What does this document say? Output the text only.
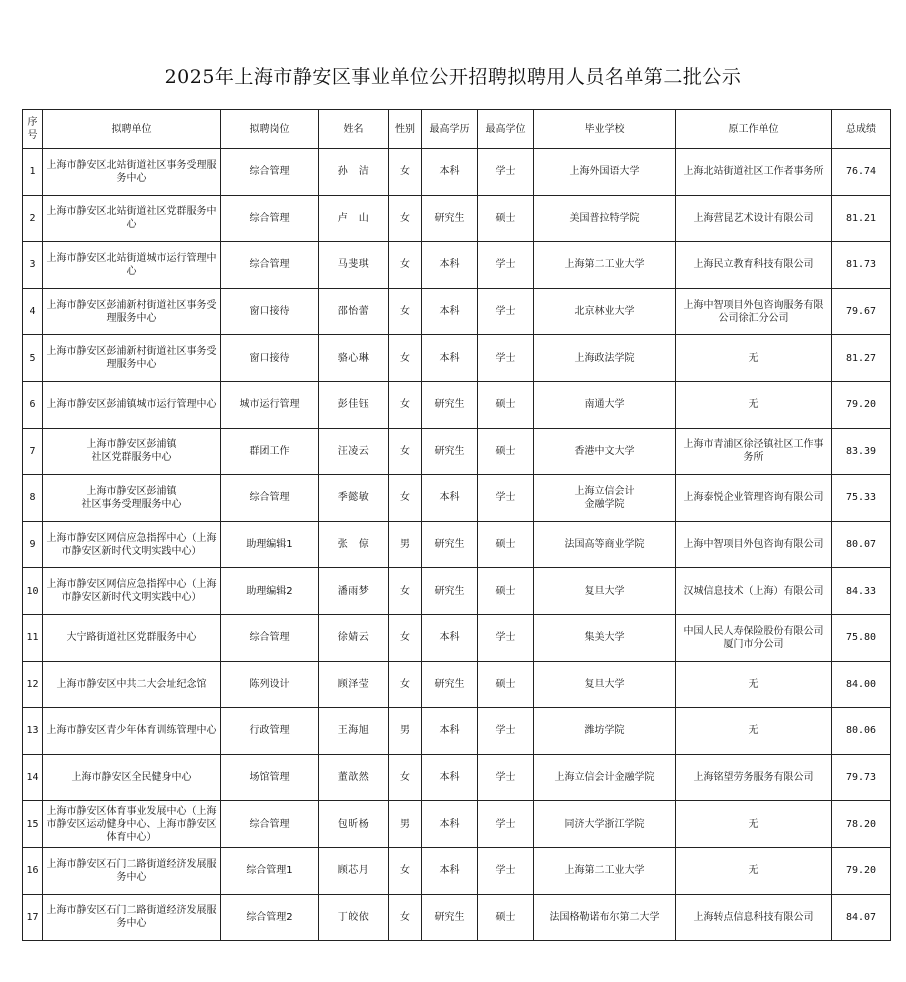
2025年上海市静安区事业单位公开招聘拟聘用人员名单第二批公示
序号	拟聘单位	拟聘岗位	姓名	性别	最高学历	最高学位	毕业学校	原工作单位	总成绩
1	上海市静安区北站街道社区事务受理服务中心	综合管理	孙　洁	女	本科	学士	上海外国语大学	上海北站街道社区工作者事务所	76.74
2	上海市静安区北站街道社区党群服务中心	综合管理	卢　山	女	研究生	硕士	美国普拉特学院	上海营昆艺术设计有限公司	81.21
3	上海市静安区北站街道城市运行管理中心	综合管理	马斐琪	女	本科	学士	上海第二工业大学	上海民立教育科技有限公司	81.73
4	上海市静安区彭浦新村街道社区事务受理服务中心	窗口接待	邵怡蕾	女	本科	学士	北京林业大学	上海中智项目外包咨询服务有限公司徐汇分公司	79.67
5	上海市静安区彭浦新村街道社区事务受理服务中心	窗口接待	骆心琳	女	本科	学士	上海政法学院	无	81.27
6	上海市静安区彭浦镇城市运行管理中心	城市运行管理	彭佳钰	女	研究生	硕士	南通大学	无	79.20
7	上海市静安区彭浦镇
社区党群服务中心	群团工作	汪凌云	女	研究生	硕士	香港中文大学	上海市青浦区徐泾镇社区工作事务所	83.39
8	上海市静安区彭浦镇
社区事务受理服务中心	综合管理	季懿敏	女	本科	学士	上海立信会计
金融学院	上海泰悦企业管理咨询有限公司	75.33
9	上海市静安区网信应急指挥中心（上海市静安区新时代文明实践中心）	助理编辑1	张　倞	男	研究生	硕士	法国高等商业学院	上海中智项目外包咨询有限公司	80.07
10	上海市静安区网信应急指挥中心（上海市静安区新时代文明实践中心）	助理编辑2	潘雨梦	女	研究生	硕士	复旦大学	汉城信息技术（上海）有限公司	84.33
11	大宁路街道社区党群服务中心	综合管理	徐婧云	女	本科	学士	集美大学	中国人民人寿保险股份有限公司厦门市分公司	75.80
12	上海市静安区中共二大会址纪念馆	陈列设计	顾泽莹	女	研究生	硕士	复旦大学	无	84.00
13	上海市静安区青少年体育训练管理中心	行政管理	王海旭	男	本科	学士	潍坊学院	无	80.06
14	上海市静安区全民健身中心	场馆管理	董歆然	女	本科	学士	上海立信会计金融学院	上海铭望劳务服务有限公司	79.73
15	上海市静安区体育事业发展中心（上海市静安区运动健身中心、上海市静安区体育中心）	综合管理	包昕杨	男	本科	学士	同济大学浙江学院	无	78.20
16	上海市静安区石门二路街道经济发展服务中心	综合管理1	顾芯月	女	本科	学士	上海第二工业大学	无	79.20
17	上海市静安区石门二路街道经济发展服务中心	综合管理2	丁皎依	女	研究生	硕士	法国格勒诺布尔第二大学	上海转点信息科技有限公司	84.07
